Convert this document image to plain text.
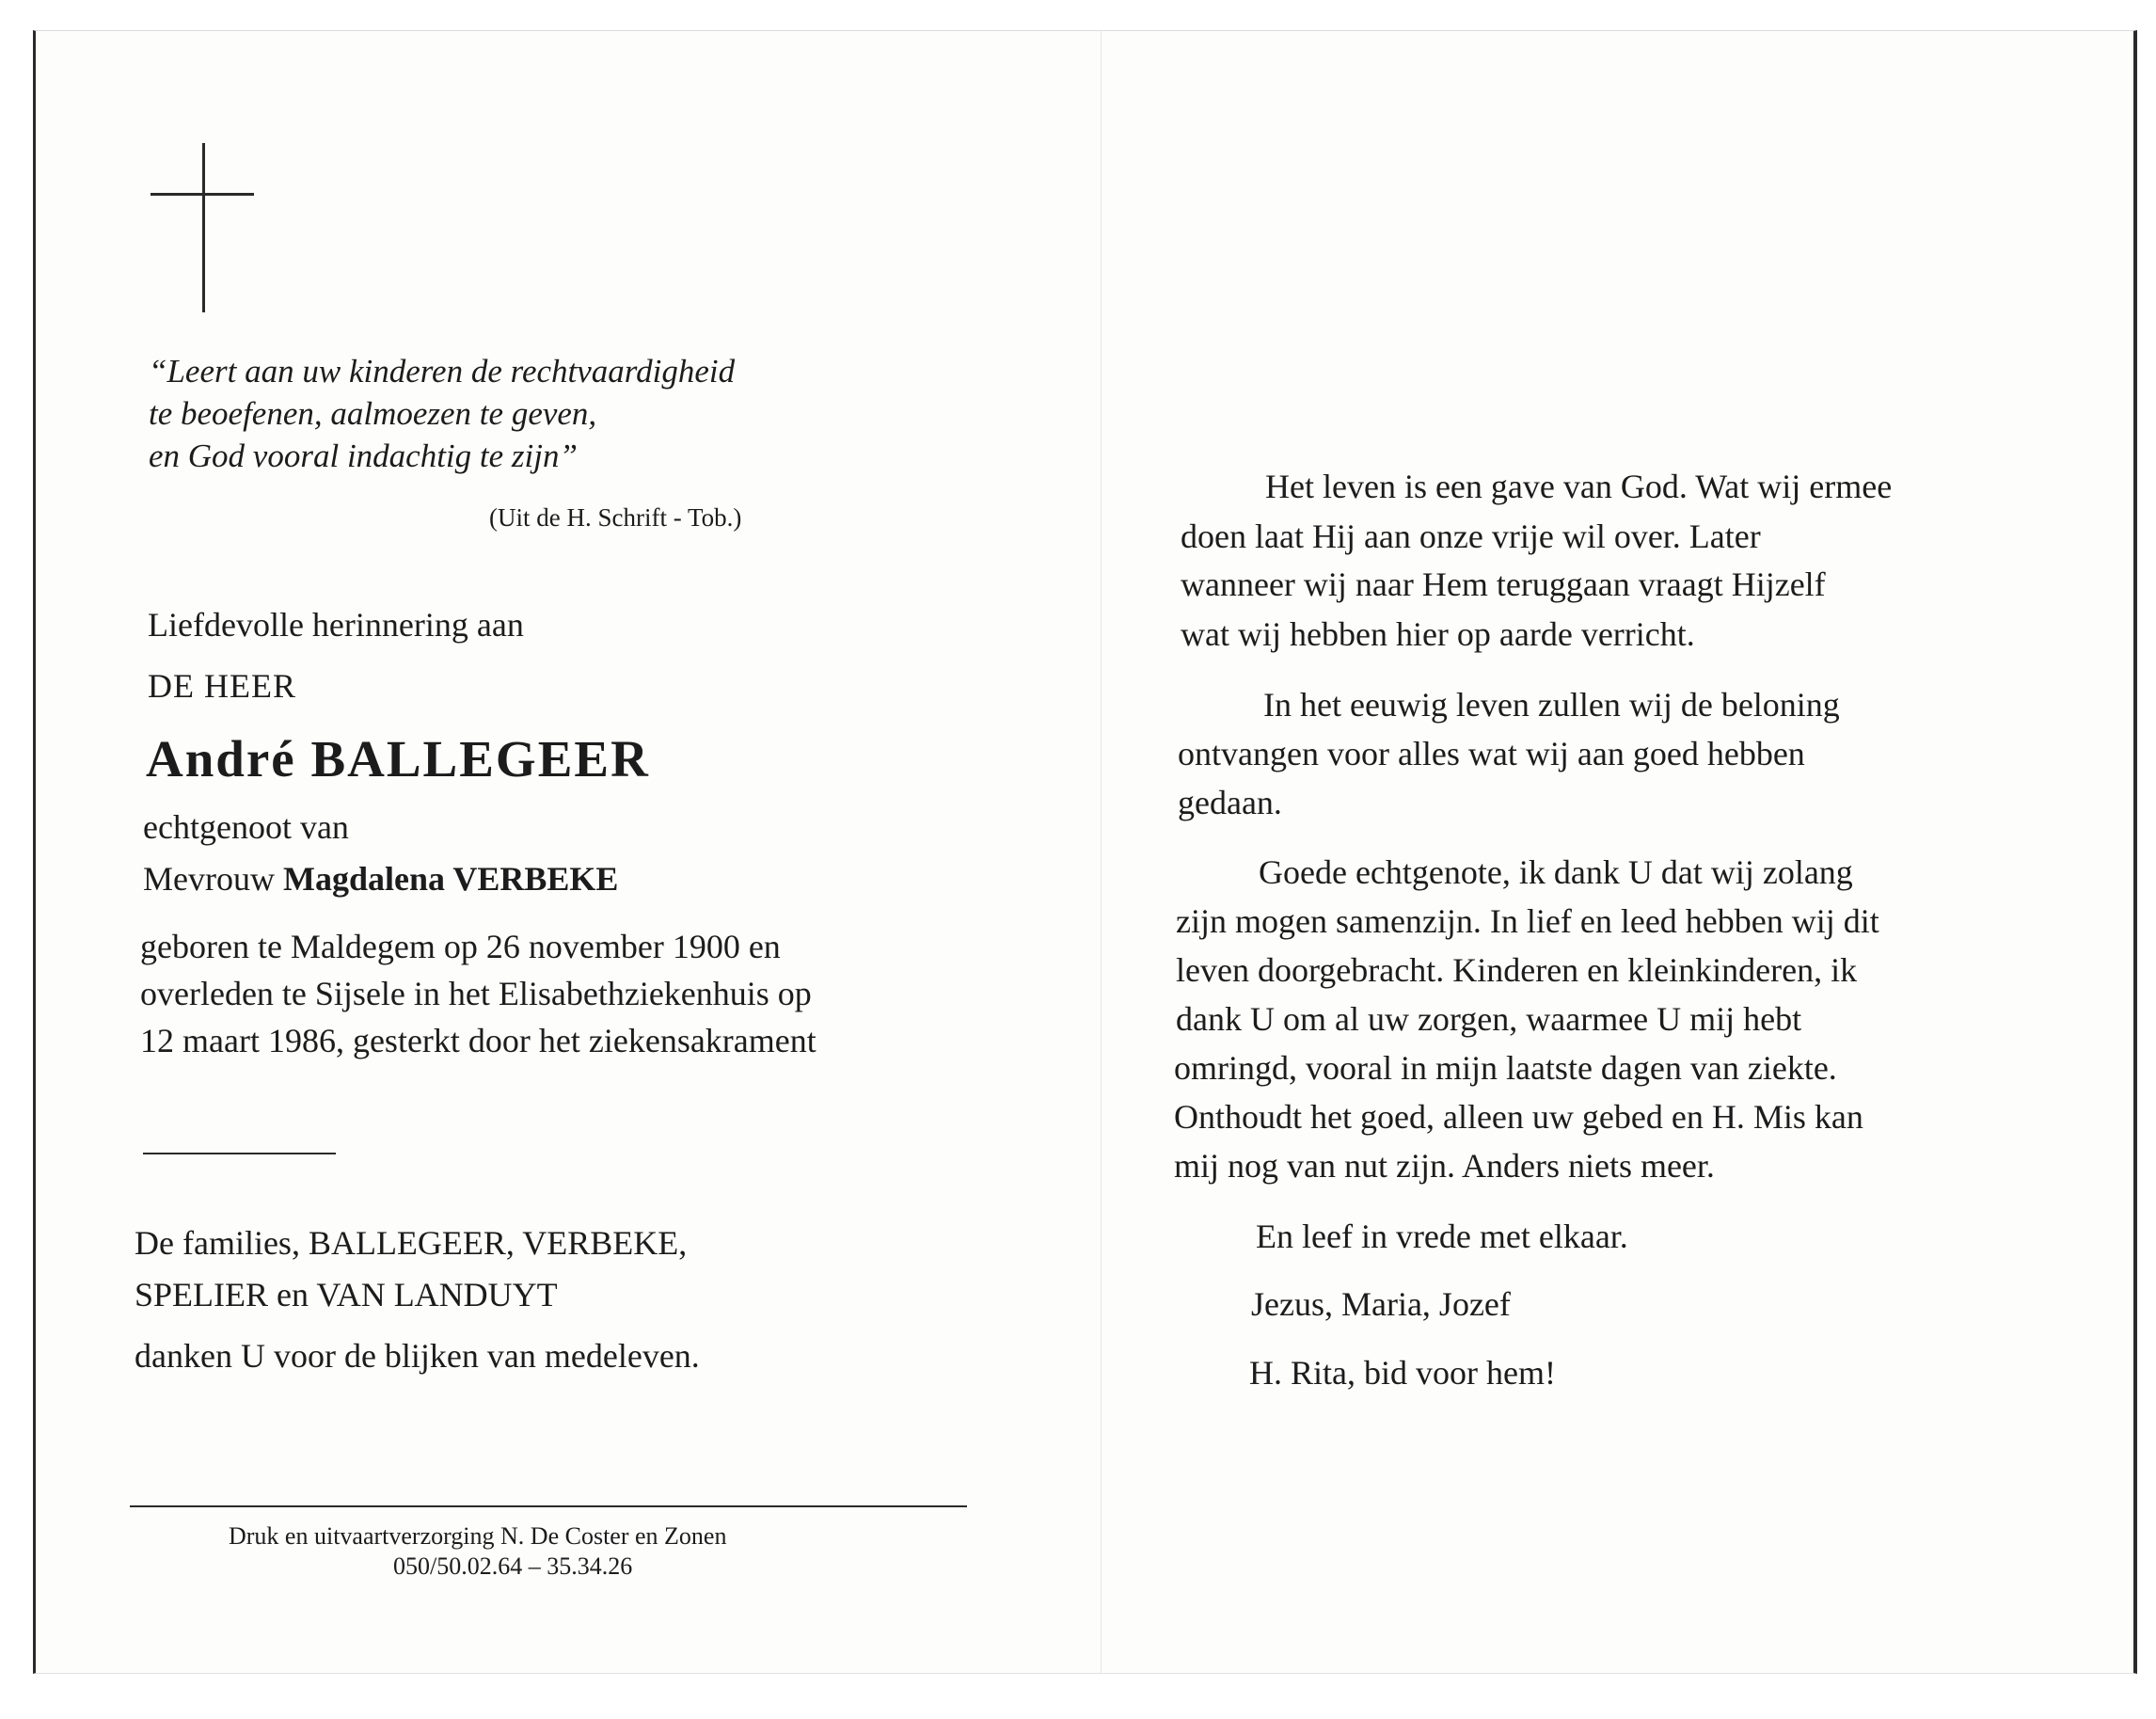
“Leert aan uw kinderen de rechtvaardigheid
te beoefenen, aalmoezen te geven,
en God vooral indachtig te zijn”
(Uit de H. Schrift - Tob.)
Liefdevolle herinnering aan
DE HEER
André BALLEGEER
echtgenoot van
Mevrouw Magdalena VERBEKE
geboren te Maldegem op 26 november 1900 en
overleden te Sijsele in het Elisabethziekenhuis op
12 maart 1986, gesterkt door het ziekensakrament
De families, BALLEGEER, VERBEKE,
SPELIER en VAN LANDUYT
danken U voor de blijken van medeleven.
Druk en uitvaartverzorging N. De Coster en Zonen
050/50.02.64 – 35.34.26
Het leven is een gave van God. Wat wij ermee
doen laat Hij aan onze vrije wil over. Later
wanneer wij naar Hem teruggaan vraagt Hijzelf
wat wij hebben hier op aarde verricht.
In het eeuwig leven zullen wij de beloning
ontvangen voor alles wat wij aan goed hebben
gedaan.
Goede echtgenote, ik dank U dat wij zolang
zijn mogen samenzijn. In lief en leed hebben wij dit
leven doorgebracht. Kinderen en kleinkinderen, ik
dank U om al uw zorgen, waarmee U mij hebt
omringd, vooral in mijn laatste dagen van ziekte.
Onthoudt het goed, alleen uw gebed en H. Mis kan
mij nog van nut zijn. Anders niets meer.
En leef in vrede met elkaar.
Jezus, Maria, Jozef
H. Rita, bid voor hem!
